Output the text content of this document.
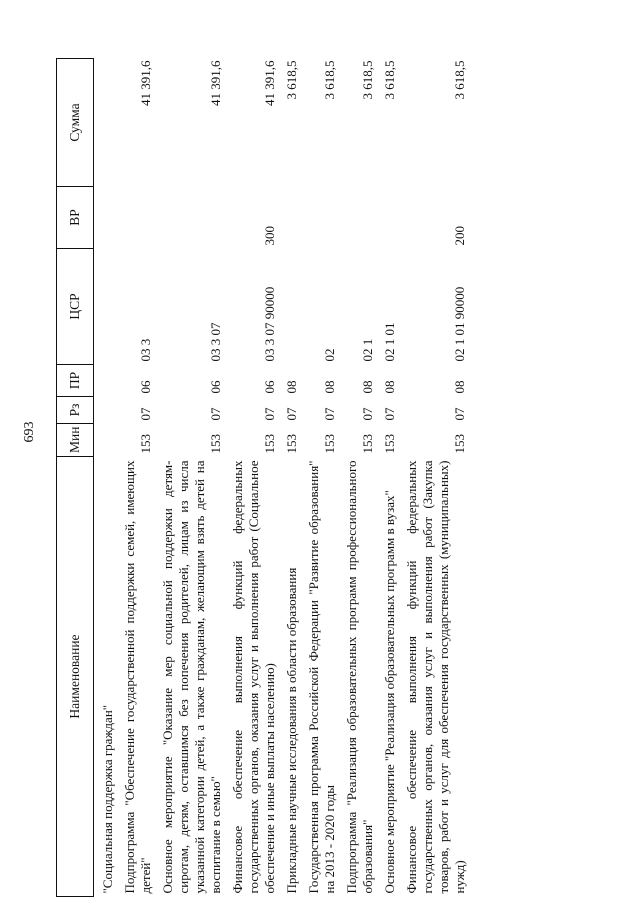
693
Наименование	Мин	Рз	ПР	ЦСР	ВР	Сумма
"Социальная поддержка граждан"						
Подпрограмма "Обеспечение государственной поддержки семей, имеющих детей"	153	07	06	03 3		41 391,6
Основное мероприятие "Оказание мер социальной поддержки детям-сиротам, детям, оставшимся без попечения родителей, лицам из числа указанной категории детей, а также гражданам, желающим взять детей на воспитание в семью"	153	07	06	03 3 07		41 391,6
Финансовое обеспечение выполнения функций федеральных государственных органов, оказания услуг и выполнения работ (Социальное обеспечение и иные выплаты населению)	153	07	06	03 3 07 90000	300	41 391,6
Прикладные научные исследования в области образования	153	07	08			3 618,5
Государственная программа Российской Федерации "Развитие образования" на 2013 - 2020 годы	153	07	08	02		3 618,5
Подпрограмма "Реализация образовательных программ профессионального образования"	153	07	08	02 1		3 618,5
Основное мероприятие "Реализация образовательных программ в вузах"	153	07	08	02 1 01		3 618,5
Финансовое обеспечение выполнения функций федеральных государственных органов, оказания услуг и выполнения работ (Закупка товаров, работ и услуг для обеспечения государственных (муниципальных) нужд)	153	07	08	02 1 01 90000	200	3 618,5
